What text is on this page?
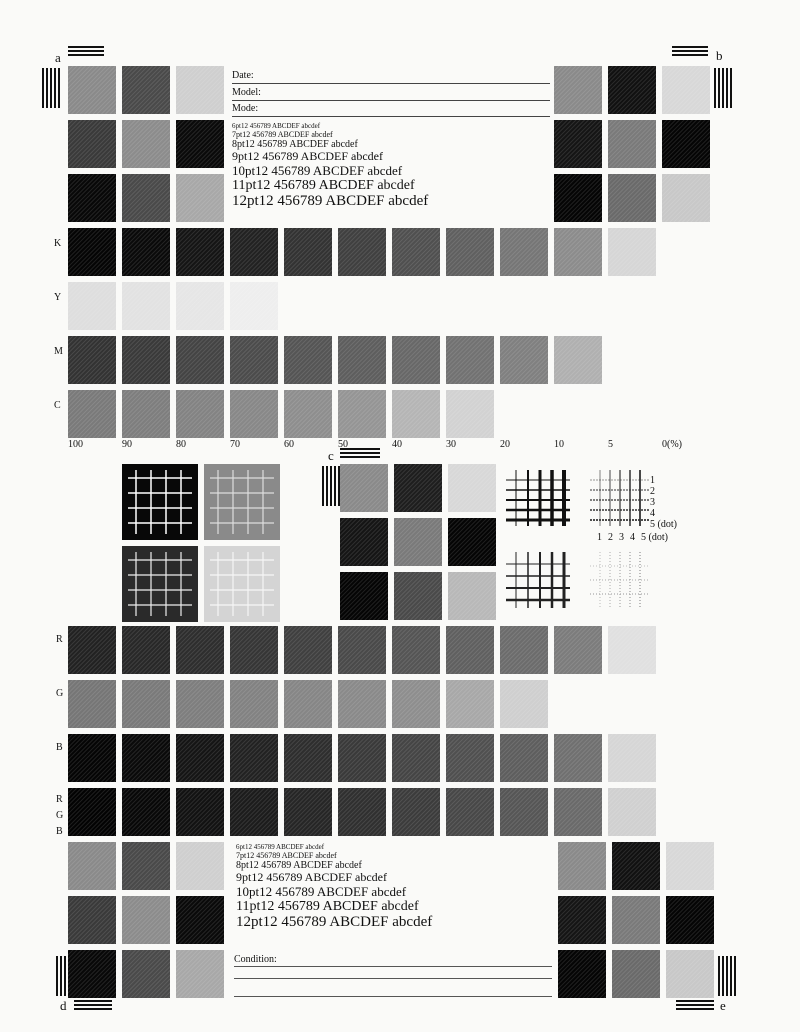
a	b
c
d	e
Date:
Model:
Mode:
6pt12 456789 ABCDEF abcdef
7pt12 456789 ABCDEF abcdef
8pt12 456789 ABCDEF abcdef
9pt12 456789 ABCDEF abcdef
10pt12 456789 ABCDEF abcdef
11pt12 456789 ABCDEF abcdef
12pt12 456789 ABCDEF abcdef
K
Y
M
C
100	90	80	70	60	50	40	30	20	10	5	0(%)
1
2
3
4
5 (dot)
1 2 3 4 5 (dot)
R
G
B
R
G
B
6pt12 456789 ABCDEF abcdef
7pt12 456789 ABCDEF abcdef
8pt12 456789 ABCDEF abcdef
9pt12 456789 ABCDEF abcdef
10pt12 456789 ABCDEF abcdef
11pt12 456789 ABCDEF abcdef
12pt12 456789 ABCDEF abcdef
Condition:
